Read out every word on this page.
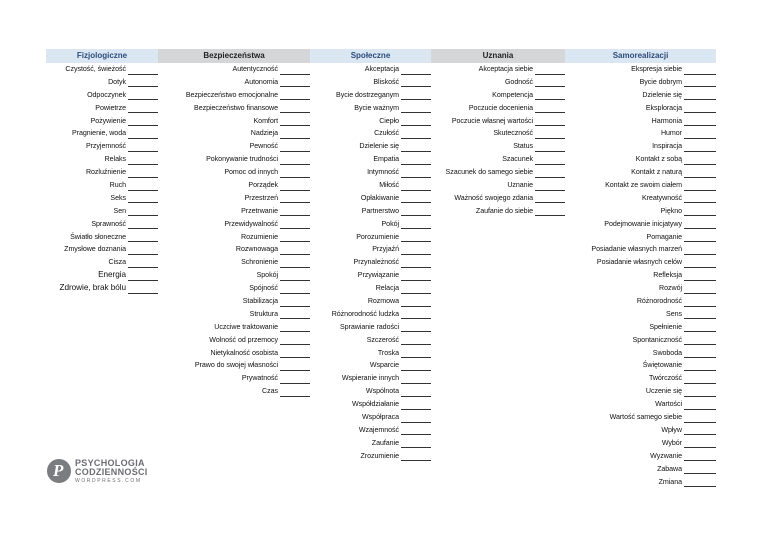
Fizjologiczne
Czystość, świeżość
Dotyk
Odpoczynek
Powietrze
Pożywienie
Pragnienie, woda
Przyjemność
Relaks
Rozluźnienie
Ruch
Seks
Sen
Sprawność
Światło słoneczne
Zmysłowe doznania
Cisza
Energia
Zdrowie, brak bólu
Bezpieczeństwa
Autentyczność
Autonomia
Bezpieczeństwo emocjonalne
Bezpieczeństwo finansowe
Komfort
Nadzieja
Pewność
Pokonywanie trudności
Pomoc od innych
Porządek
Przestrzeń
Przetrwanie
Przewidywalność
Rozumienie
Rozwnowaga
Schronienie
Spokój
Spójność
Stabilizacja
Struktura
Uczciwe traktowanie
Wolność od przemocy
Nietykalność osobista
Prawo do swojej własności
Prywatność
Czas
Społeczne
Akceptacja
Bliskość
Bycie dostrzeganym
Bycie ważnym
Ciepło
Czułość
Dzielenie się
Empatia
Intymność
Miłość
Opłakiwanie
Partnerstwo
Pokój
Porozumienie
Przyjaźń
Przynależność
Przywiązanie
Relacja
Rozmowa
Różnorodność ludzka
Sprawianie radości
Szczerość
Troska
Wsparcie
Wspieranie innych
Wspólnota
Współdziałanie
Współpraca
Wzajemność
Zaufanie
Zrozumienie
Uznania
Akceptacja siebie
Godność
Kompetencja
Poczucie docenienia
Poczucie własnej wartości
Skuteczność
Status
Szacunek
Szacunek do samego siebie
Uznanie
Ważność swojego zdania
Zaufanie do siebie
Samorealizacji
Ekspresja siebie
Bycie dobrym
Dzielenie się
Eksploracja
Harmonia
Humor
Inspiracja
Kontakt z sobą
Kontakt z naturą
Kontakt ze swoim ciałem
Kreatywność
Piękno
Podejmowanie inicjatywy
Pomaganie
Posiadanie własnych marzeń
Posiadanie własnych celów
Refleksja
Rozwój
Różnorodność
Sens
Spełnienie
Spontaniczność
Swoboda
Świętowanie
Twórczość
Uczenie się
Wartości
Wartość samego siebie
Wpływ
Wybór
Wyzwanie
Zabawa
Zmiana
P PSYCHOLOGIA
CODZIENNOŚCI
WORDPRESS.COM
